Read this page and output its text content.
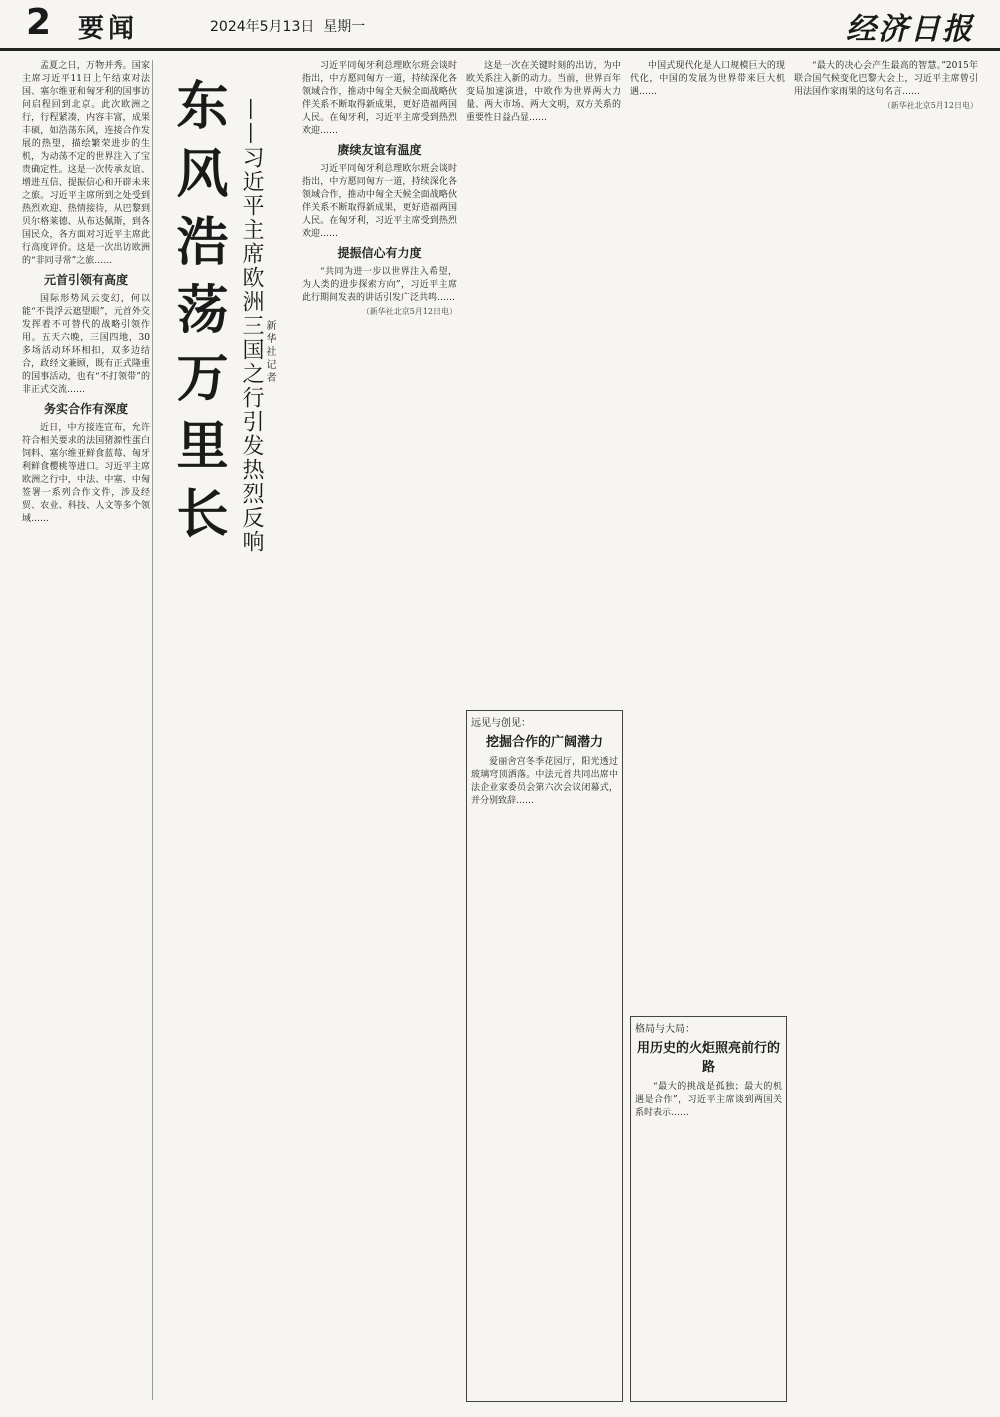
2 要闻	2024年5月13日 星期一	经济日报

孟夏之日，万物并秀。国家主席习近平11日上午结束对法国、塞尔维亚和匈牙利的国事访问启程回到北京。此次欧洲之行，行程紧凑，内容丰富，成果丰硕，如浩荡东风，连接合作发展的热望，描绘繁荣进步的生机，为动荡不定的世界注入了宝贵确定性。这是一次传承友谊、增进互信、提振信心和开辟未来之旅。习近平主席所到之处受到热烈欢迎、热情接待，从巴黎到贝尔格莱德、从布达佩斯，到各国民众，各方面对习近平主席此行高度评价。这是一次出访欧洲的“非同寻常”之旅……

元首引领有高度

国际形势风云变幻，何以能“不畏浮云遮望眼”，元首外交发挥着不可替代的战略引领作用。五天六晚，三国四地，30多场活动环环相扣，双多边结合，政经文兼顾，既有正式隆重的国事活动，也有“不打领带”的非正式交流……

务实合作有深度

近日，中方接连宣布，允许符合相关要求的法国猪源性蛋白饲料、塞尔维亚鲜食蓝莓、匈牙利鲜食樱桃等进口。习近平主席欧洲之行中，中法、中塞、中匈签署一系列合作文件，涉及经贸、农业、科技、人文等多个领域……	东风浩荡万里长 ——习近平主席欧洲三国之行引发热烈反响 新华社记者

习近平同匈牙利总理欧尔班会谈时指出，中方愿同匈方一道，持续深化各领域合作，推动中匈全天候全面战略伙伴关系不断取得新成果，更好造福两国人民。在匈牙利，习近平主席受到热烈欢迎……

赓续友谊有温度

习近平同匈牙利总理欧尔班会谈时指出，中方愿同匈方一道，持续深化各领域合作，推动中匈全天候全面战略伙伴关系不断取得新成果，更好造福两国人民。在匈牙利，习近平主席受到热烈欢迎……

提振信心有力度

“共同为进一步以世界注入希望，为人类的进步探索方向”，习近平主席此行期间发表的讲话引发广泛共鸣……

（新华社北京5月12日电）

这是一次在关键时刻的出访，为中欧关系注入新的动力。当前，世界百年变局加速演进，中欧作为世界两大力量、两大市场、两大文明，双方关系的重要性日益凸显……

远见与创见：
挖掘合作的广阔潜力

爱丽舍宫冬季花园厅，阳光透过玻璃穹顶洒落。中法元首共同出席中法企业家委员会第六次会议闭幕式，并分别致辞……

中国式现代化是人口规模巨大的现代化，中国的发展为世界带来巨大机遇……

格局与大局：
用历史的火炬照亮前行的路

“最大的挑战是孤独；最大的机遇是合作”，习近平主席谈到两国关系时表示……

“最大的决心会产生最高的智慧。”2015年联合国气候变化巴黎大会上，习近平主席曾引用法国作家雨果的这句名言……

（新华社北京5月12日电）
